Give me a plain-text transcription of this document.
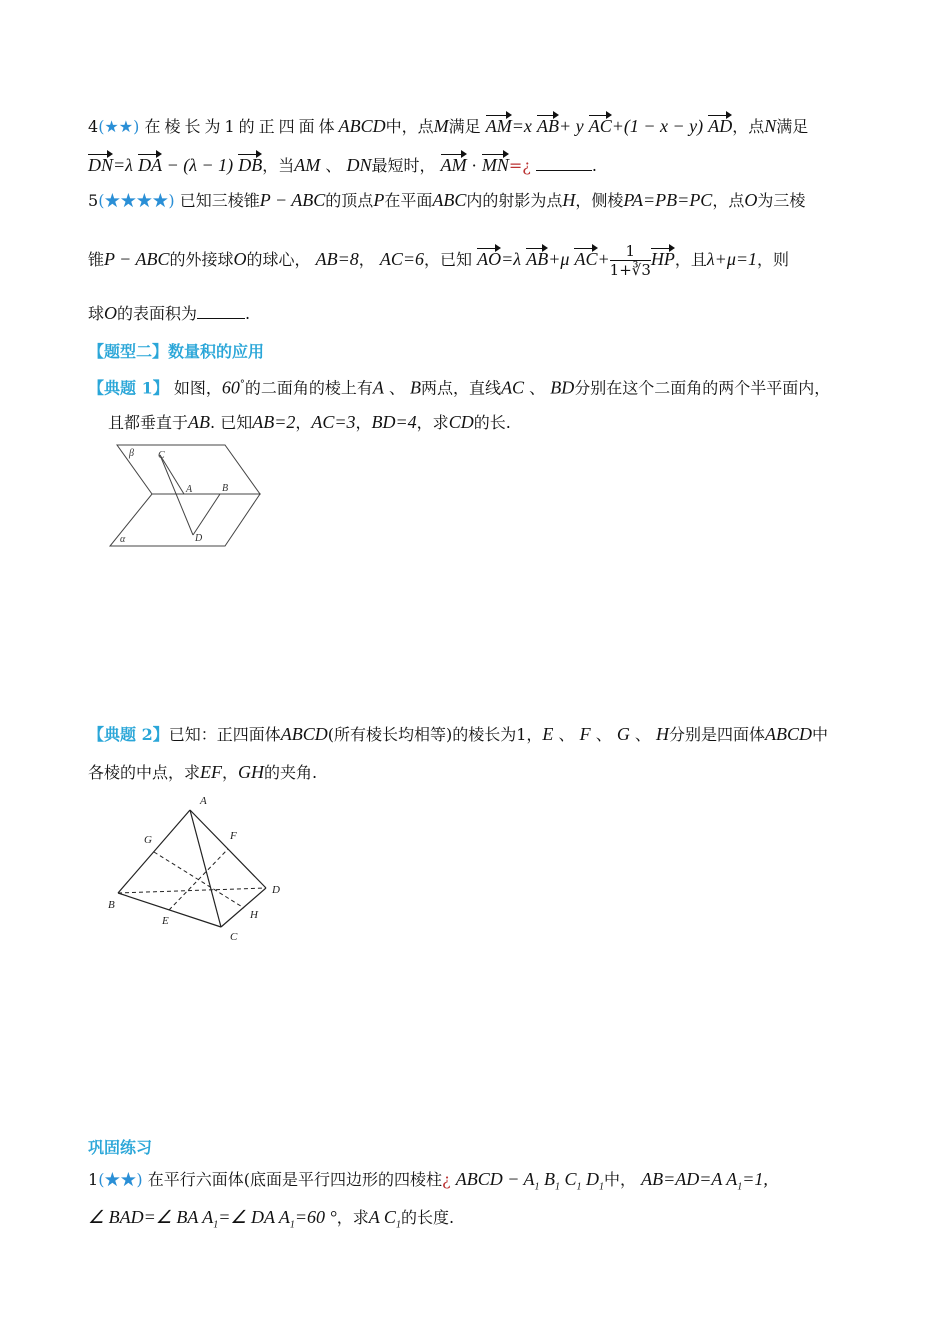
4(★★) 在棱长为1的正四面体ABCD中，点M满足 AM=x AB+ y AC+(1 − x − y) AD，点N满足
DN=λ DA − (λ − 1) DB，当AM 、 DN最短时， AM · MN=¿	.
5(★★★★) 已知三棱锥P − ABC的顶点P在平面ABC内的射影为点H，侧棱PA=PB=PC，点O为三棱
锥P − ABC的外接球O的球心， AB=8， AC=6，已知 AO=λ AB+μ $AC+ \frac{1}{1+∛3}$ HP，且λ+μ=1，则
球O的表面积为	.
【题型二】数量积的应用
【典题 1】 如图，60°的二面角的棱上有A 、 B两点，直线AC 、 BD分别在这个二面角的两个半平面内，
且都垂直于AB. 已知AB=2，AC=3，BD=4，求CD的长.
β
α
C
A	B
D
【典题 2】已知：正四面体ABCD(所有棱长均相等)的棱长为1，E 、 F 、 G 、 H分别是四面体ABCD中
各棱的中点，求EF，GH的夹角.
A
B
C
D
E
F
G
H
巩固练习
1(★★) 在平行六面体(底面是平行四边形的四棱柱¿ ABCD − $A_1$ $B_1$ $C_1$ $D_1$中， AB=AD=A $A_1=1$,
∠ BAD=∠ BA $A_1=\angle$ DA $A_1=60$ °，求A $C_1$的长度.
